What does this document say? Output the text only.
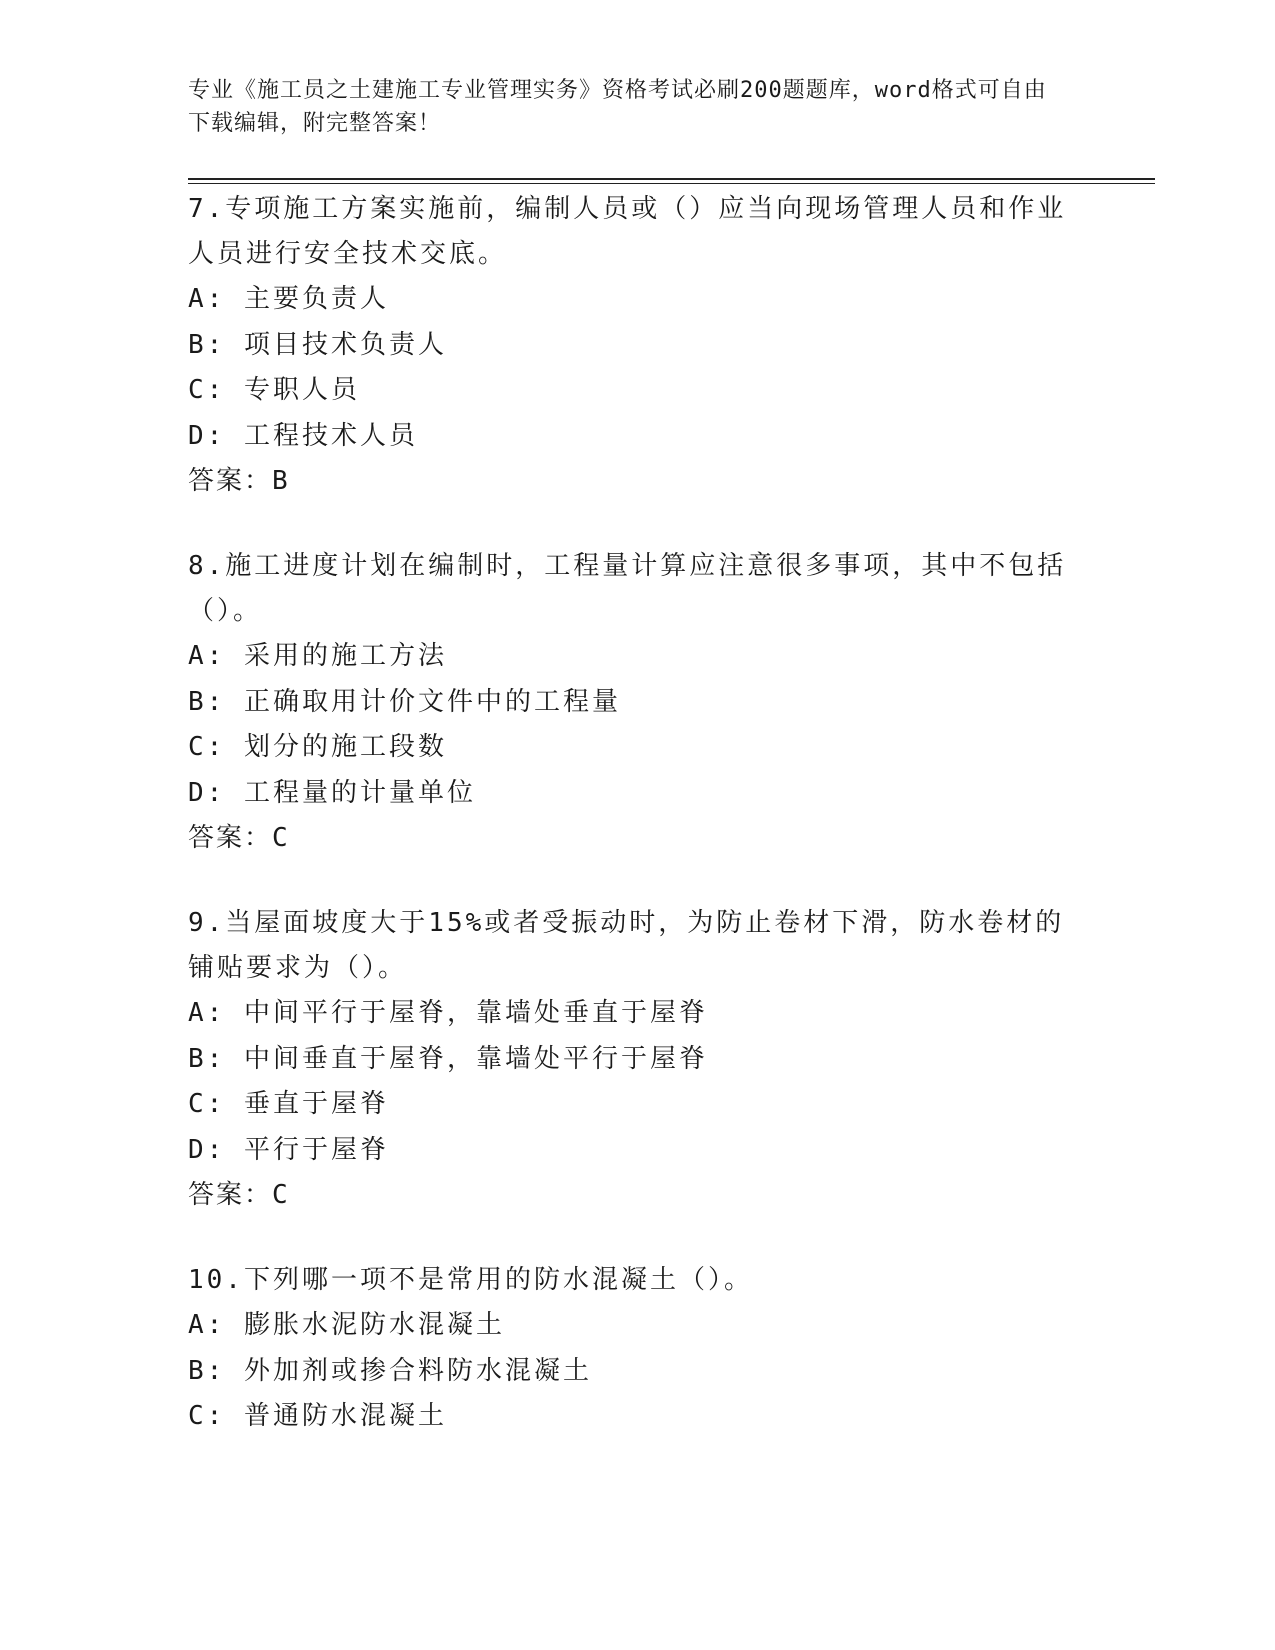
专业《施工员之土建施工专业管理实务》资格考试必刷200题题库，word格式可自由下载编辑，附完整答案！
7.专项施工方案实施前，编制人员或（）应当向现场管理人员和作业人员进行安全技术交底。
A: 主要负责人
B: 项目技术负责人
C: 专职人员
D: 工程技术人员
答案：B
8.施工进度计划在编制时，工程量计算应注意很多事项，其中不包括（）。
A: 采用的施工方法
B: 正确取用计价文件中的工程量
C: 划分的施工段数
D: 工程量的计量单位
答案：C
9.当屋面坡度大于15%或者受振动时，为防止卷材下滑，防水卷材的铺贴要求为（）。
A: 中间平行于屋脊，靠墙处垂直于屋脊
B: 中间垂直于屋脊，靠墙处平行于屋脊
C: 垂直于屋脊
D: 平行于屋脊
答案：C
10.下列哪一项不是常用的防水混凝土（）。
A: 膨胀水泥防水混凝土
B: 外加剂或掺合料防水混凝土
C: 普通防水混凝土
